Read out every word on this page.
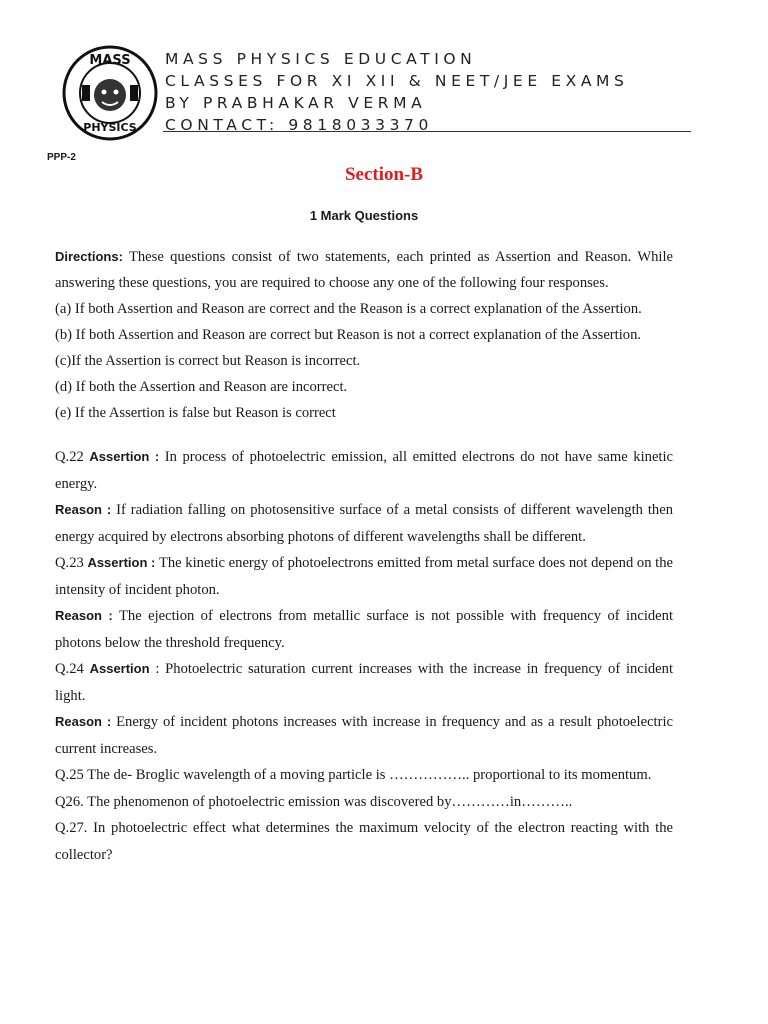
MASS
PHYSICS
MASS PHYSICS EDUCATION
CLASSES FOR XI XII & NEET/JEE EXAMS
BY PRABHAKAR VERMA
CONTACT: 9818033370
PPP-2
Section-B
1 Mark Questions

Directions: These questions consist of two statements, each printed as Assertion and Reason. While answering these questions, you are required to choose any one of the following four responses.

(a) If both Assertion and Reason are correct and the Reason is a correct explanation of the Assertion.

(b) If both Assertion and Reason are correct but Reason is not a correct explanation of the Assertion.

(c)If the Assertion is correct but Reason is incorrect.

(d) If both the Assertion and Reason are incorrect.

(e) If the Assertion is false but Reason is correct

Q.22 Assertion : In process of photoelectric emission, all emitted electrons do not have same kinetic energy.

Reason : If radiation falling on photosensitive surface of a metal consists of different wavelength then energy acquired by electrons absorbing photons of different wavelengths shall be different.

Q.23 Assertion : The kinetic energy of photoelectrons emitted from metal surface does not depend on the intensity of incident photon.

Reason : The ejection of electrons from metallic surface is not possible with frequency of incident photons below the threshold frequency.

Q.24 Assertion : Photoelectric saturation current increases with the increase in frequency of incident light.

Reason : Energy of incident photons increases with increase in frequency and as a result photoelectric current increases.

Q.25 The de- Broglic wavelength of a moving particle is …………….. proportional to its momentum.

Q26. The phenomenon of photoelectric emission was discovered by…………in………..

Q.27. In photoelectric effect what determines the maximum velocity of the electron reacting with the collector?
